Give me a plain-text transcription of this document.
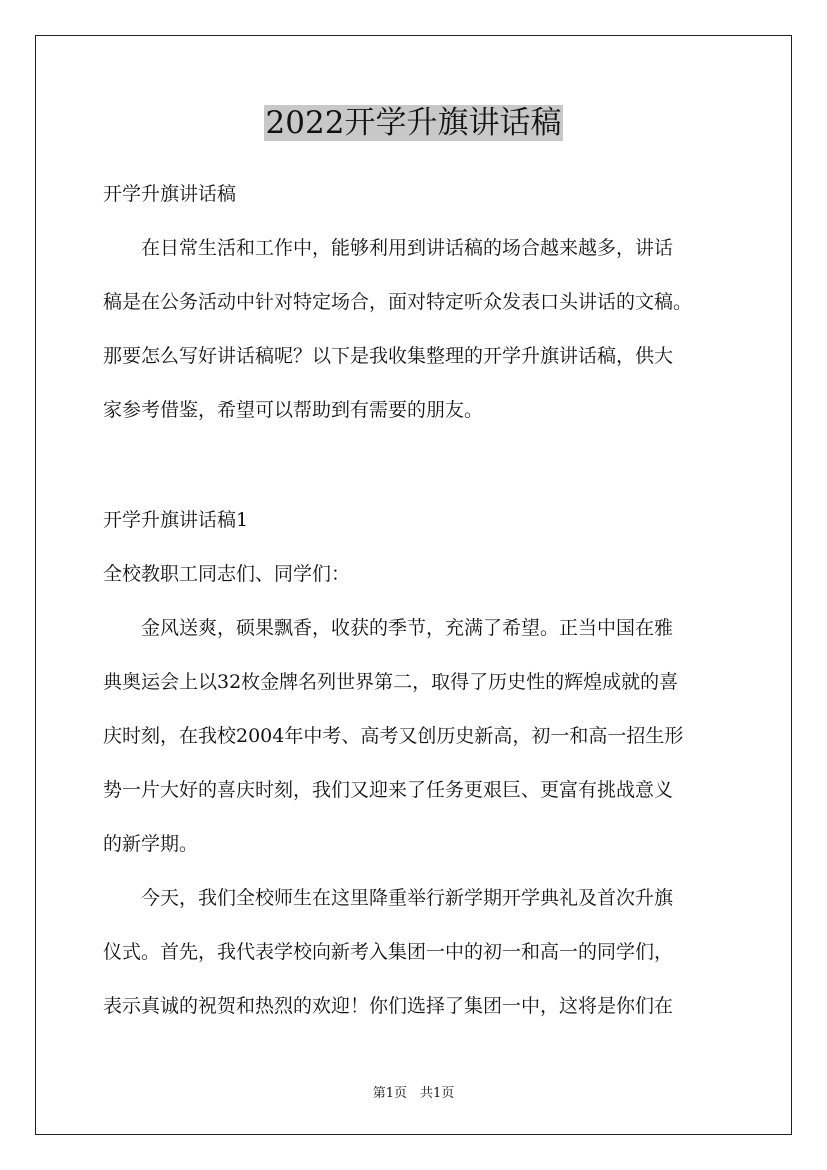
2022开学升旗讲话稿
开学升旗讲话稿
　　在日常生活和工作中，能够利用到讲话稿的场合越来越多，讲话
稿是在公务活动中针对特定场合，面对特定听众发表口头讲话的文稿。
那要怎么写好讲话稿呢？以下是我收集整理的开学升旗讲话稿，供大
家参考借鉴，希望可以帮助到有需要的朋友。
开学升旗讲话稿1
全校教职工同志们、同学们：
　　金风送爽，硕果飘香，收获的季节，充满了希望。正当中国在雅
典奥运会上以32枚金牌名列世界第二，取得了历史性的辉煌成就的喜
庆时刻，在我校2004年中考、高考又创历史新高，初一和高一招生形
势一片大好的喜庆时刻，我们又迎来了任务更艰巨、更富有挑战意义
的新学期。
　　今天，我们全校师生在这里降重举行新学期开学典礼及首次升旗
仪式。首先，我代表学校向新考入集团一中的初一和高一的同学们，
表示真诚的祝贺和热烈的欢迎！你们选择了集团一中，这将是你们在
第1页　共1页
